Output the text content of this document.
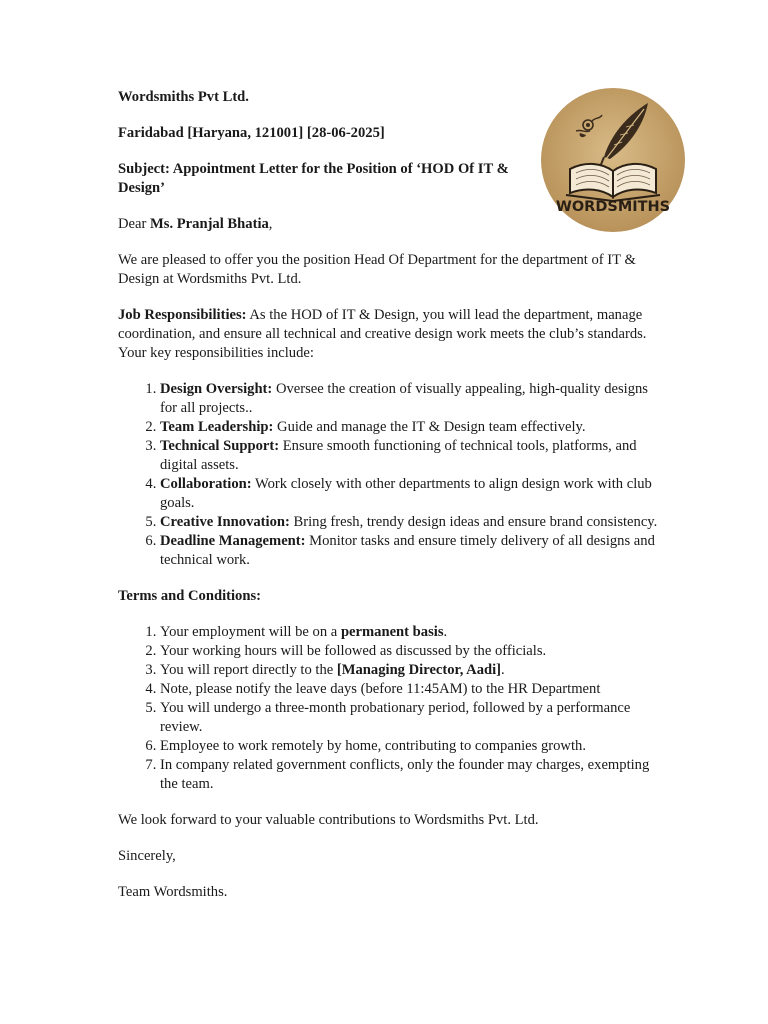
WORDSMITHS

Wordsmiths Pvt Ltd.

Faridabad [Haryana, 121001] [28-06-2025]

Subject: Appointment Letter for the Position of ‘HOD Of IT & Design’

Dear Ms. Pranjal Bhatia,

We are pleased to offer you the position Head Of Department for the department of IT & Design at Wordsmiths Pvt. Ltd.

Job Responsibilities: As the HOD of IT & Design, you will lead the department, manage coordination, and ensure all technical and creative design work meets the club’s standards. Your key responsibilities include:

1. Design Oversight: Oversee the creation of visually appealing, high-quality designs for all projects..
2. Team Leadership: Guide and manage the IT & Design team effectively.
3. Technical Support: Ensure smooth functioning of technical tools, platforms, and digital assets.
4. Collaboration: Work closely with other departments to align design work with club goals.
5. Creative Innovation: Bring fresh, trendy design ideas and ensure brand consistency.
6. Deadline Management: Monitor tasks and ensure timely delivery of all designs and technical work.

Terms and Conditions:

1. Your employment will be on a permanent basis.
2. Your working hours will be followed as discussed by the officials.
3. You will report directly to the [Managing Director, Aadi].
4. Note, please notify the leave days (before 11:45AM) to the HR Department
5. You will undergo a three-month probationary period, followed by a performance review.
6. Employee to work remotely by home, contributing to companies growth.
7. In company related government conflicts, only the founder may charges, exempting the team.

We look forward to your valuable contributions to Wordsmiths Pvt. Ltd.

Sincerely,

Team Wordsmiths.
